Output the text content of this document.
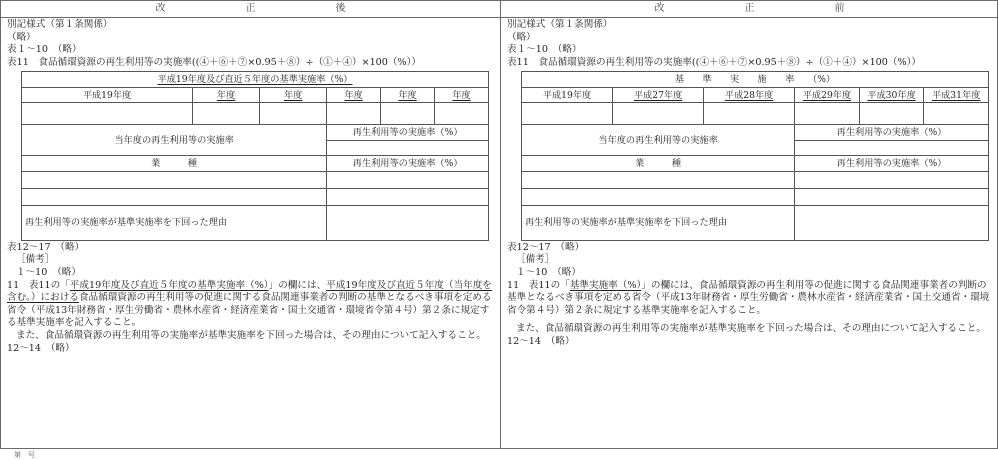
改	正	後
別記様式（第１条関係）
（略）
表１～10　（略）
表11　食品循環資源の再生利用等の実施率((④＋⑥＋⑦×0.95＋⑧）÷（①＋④）×100（%））
平成19年度及び直近５年度の基準実施率（%）					
平成19年度	年度	年度	年度	年度	年度

当年度の再生利用等の実施率			再生利用等の実施率（%）		

業　　　種			再生利用等の実施率（%）		

再生利用等の実施率が基準実施率を下回った理由					
表12～17　（略）
［備考］
１～10　（略）
11　表11の「平成19年度及び直近５年度の基準実施率（%）」の欄には、平成19年度及び直近５年度（当年度を含む。）における食品循環資源の再生利用等の促進に関する食品関連事業者の判断の基準となるべき事項を定める省令（平成13年財務省・厚生労働省・農林水産省・経済産業省・国土交通省・環境省令第４号）第２条に規定する基準実施率を記入すること。
また、食品循環資源の再生利用等の実施率が基準実施率を下回った場合は、その理由について記入すること。
12～14　（略）
改	正	前
別記様式（第１条関係）
（略）
表１～10　（略）
表11　食品循環資源の再生利用等の実施率((④＋⑥＋⑦×0.95＋⑧）÷（①＋④）×100（%））
基　　準　　実　　施　　率　　（%）					
平成19年度	平成27年度	平成28年度	平成29年度	平成30年度	平成31年度

当年度の再生利用等の実施率			再生利用等の実施率（%）		

業　　　種			再生利用等の実施率（%）		

再生利用等の実施率が基準実施率を下回った理由					
表12～17　（略）
［備考］
１～10　（略）
11　表11の「基準実施率（%）」の欄には、食品循環資源の再生利用等の促進に関する食品関連事業者の判断の基準となるべき事項を定める省令（平成13年財務省・厚生労働省・農林水産省・経済産業省・国土交通省・環境省令第４号）第２条に規定する基準実施率を記入すること。
また、食品循環資源の再生利用等の実施率が基準実施率を下回った場合は、その理由について記入すること。
12～14　（略）
第　号
